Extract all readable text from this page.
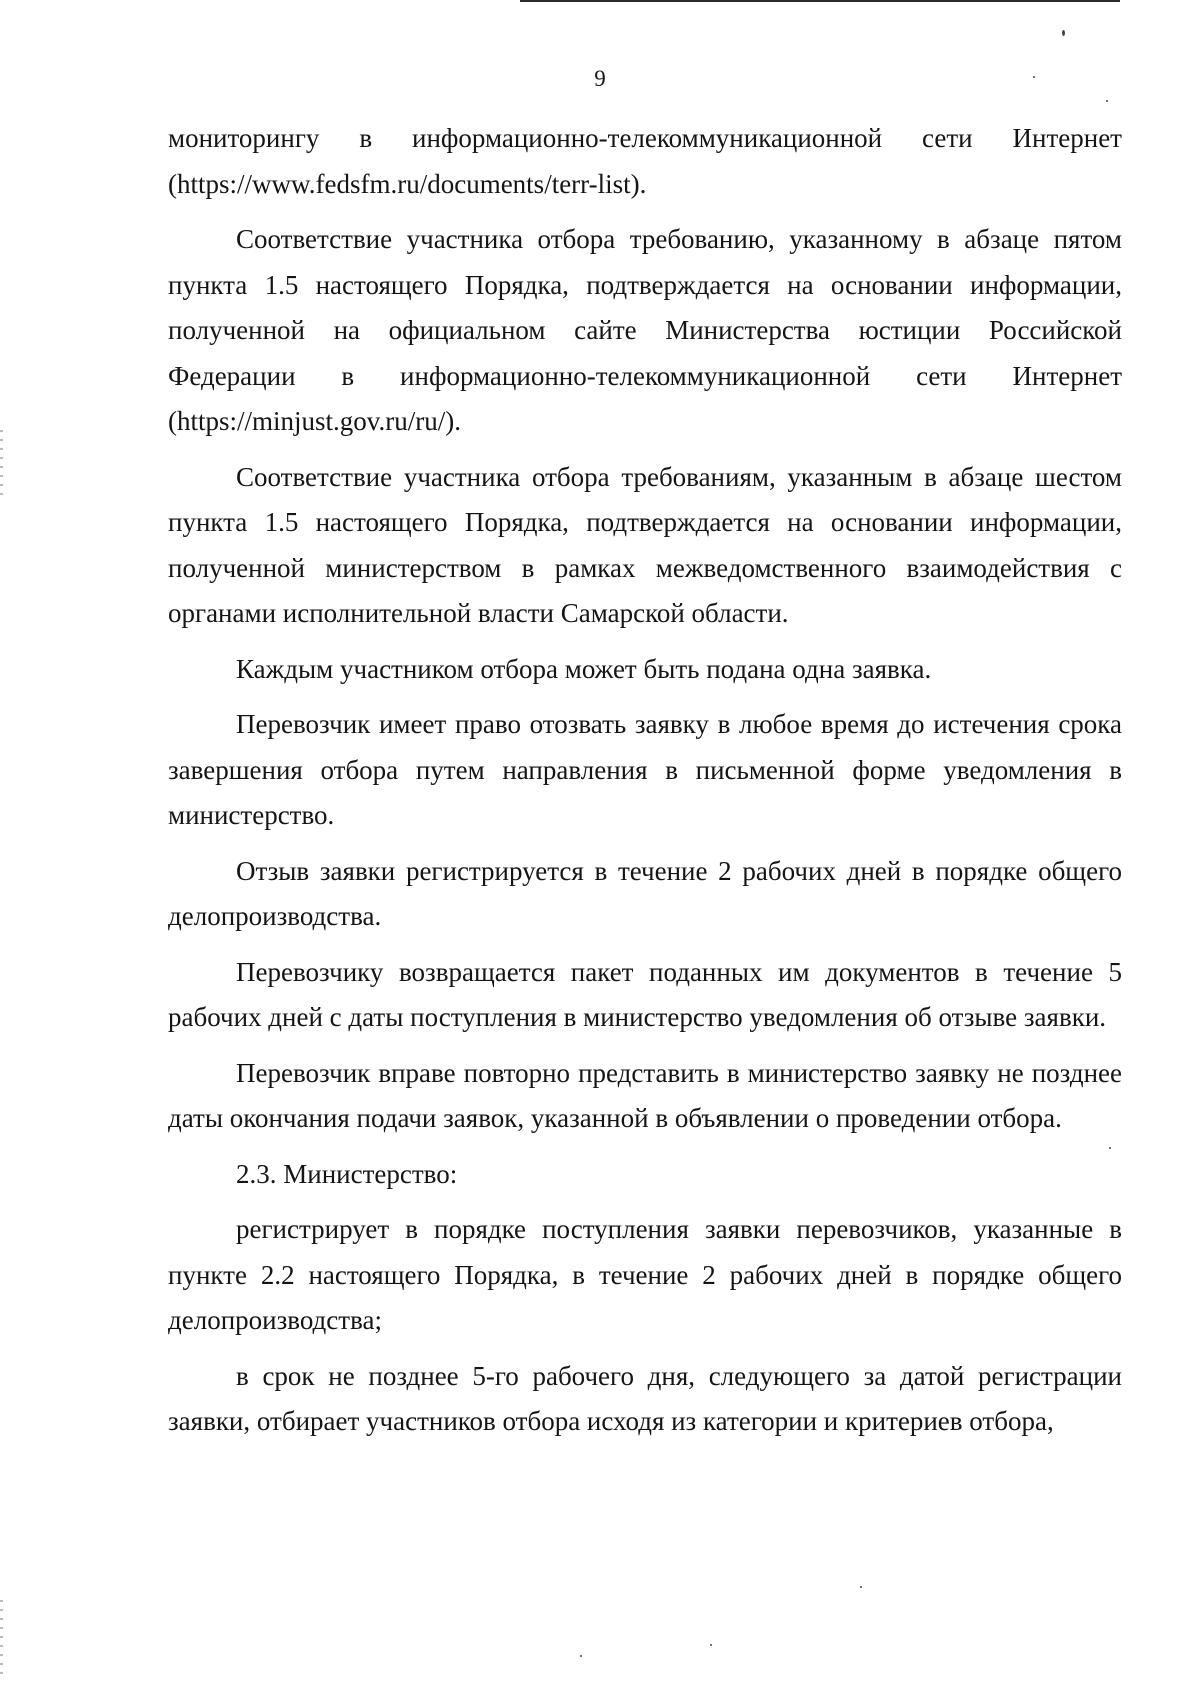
9

мониторингу в информационно-телекоммуникационной сети Интернет (https://www.fedsfm.ru/documents/terr-list).

Соответствие участника отбора требованию, указанному в абзаце пятом пункта 1.5 настоящего Порядка, подтверждается на основании информации, полученной на официальном сайте Министерства юстиции Российской Федерации в информационно-телекоммуникационной сети Интернет (https://minjust.gov.ru/ru/).

Соответствие участника отбора требованиям, указанным в абзаце шестом пункта 1.5 настоящего Порядка, подтверждается на основании информации, полученной министерством в рамках межведомственного взаимодействия с органами исполнительной власти Самарской области.

Каждым участником отбора может быть подана одна заявка.

Перевозчик имеет право отозвать заявку в любое время до истечения срока завершения отбора путем направления в письменной форме уведомления в министерство.

Отзыв заявки регистрируется в течение 2 рабочих дней в порядке общего делопроизводства.

Перевозчику возвращается пакет поданных им документов в течение 5 рабочих дней с даты поступления в министерство уведомления об отзыве заявки.

Перевозчик вправе повторно представить в министерство заявку не позднее даты окончания подачи заявок, указанной в объявлении о проведении отбора.

2.3. Министерство:

регистрирует в порядке поступления заявки перевозчиков, указанные в пункте 2.2 настоящего Порядка, в течение 2 рабочих дней в порядке общего делопроизводства;

в срок не позднее 5-го рабочего дня, следующего за датой регистрации заявки, отбирает участников отбора исходя из категории и критериев отбора,
